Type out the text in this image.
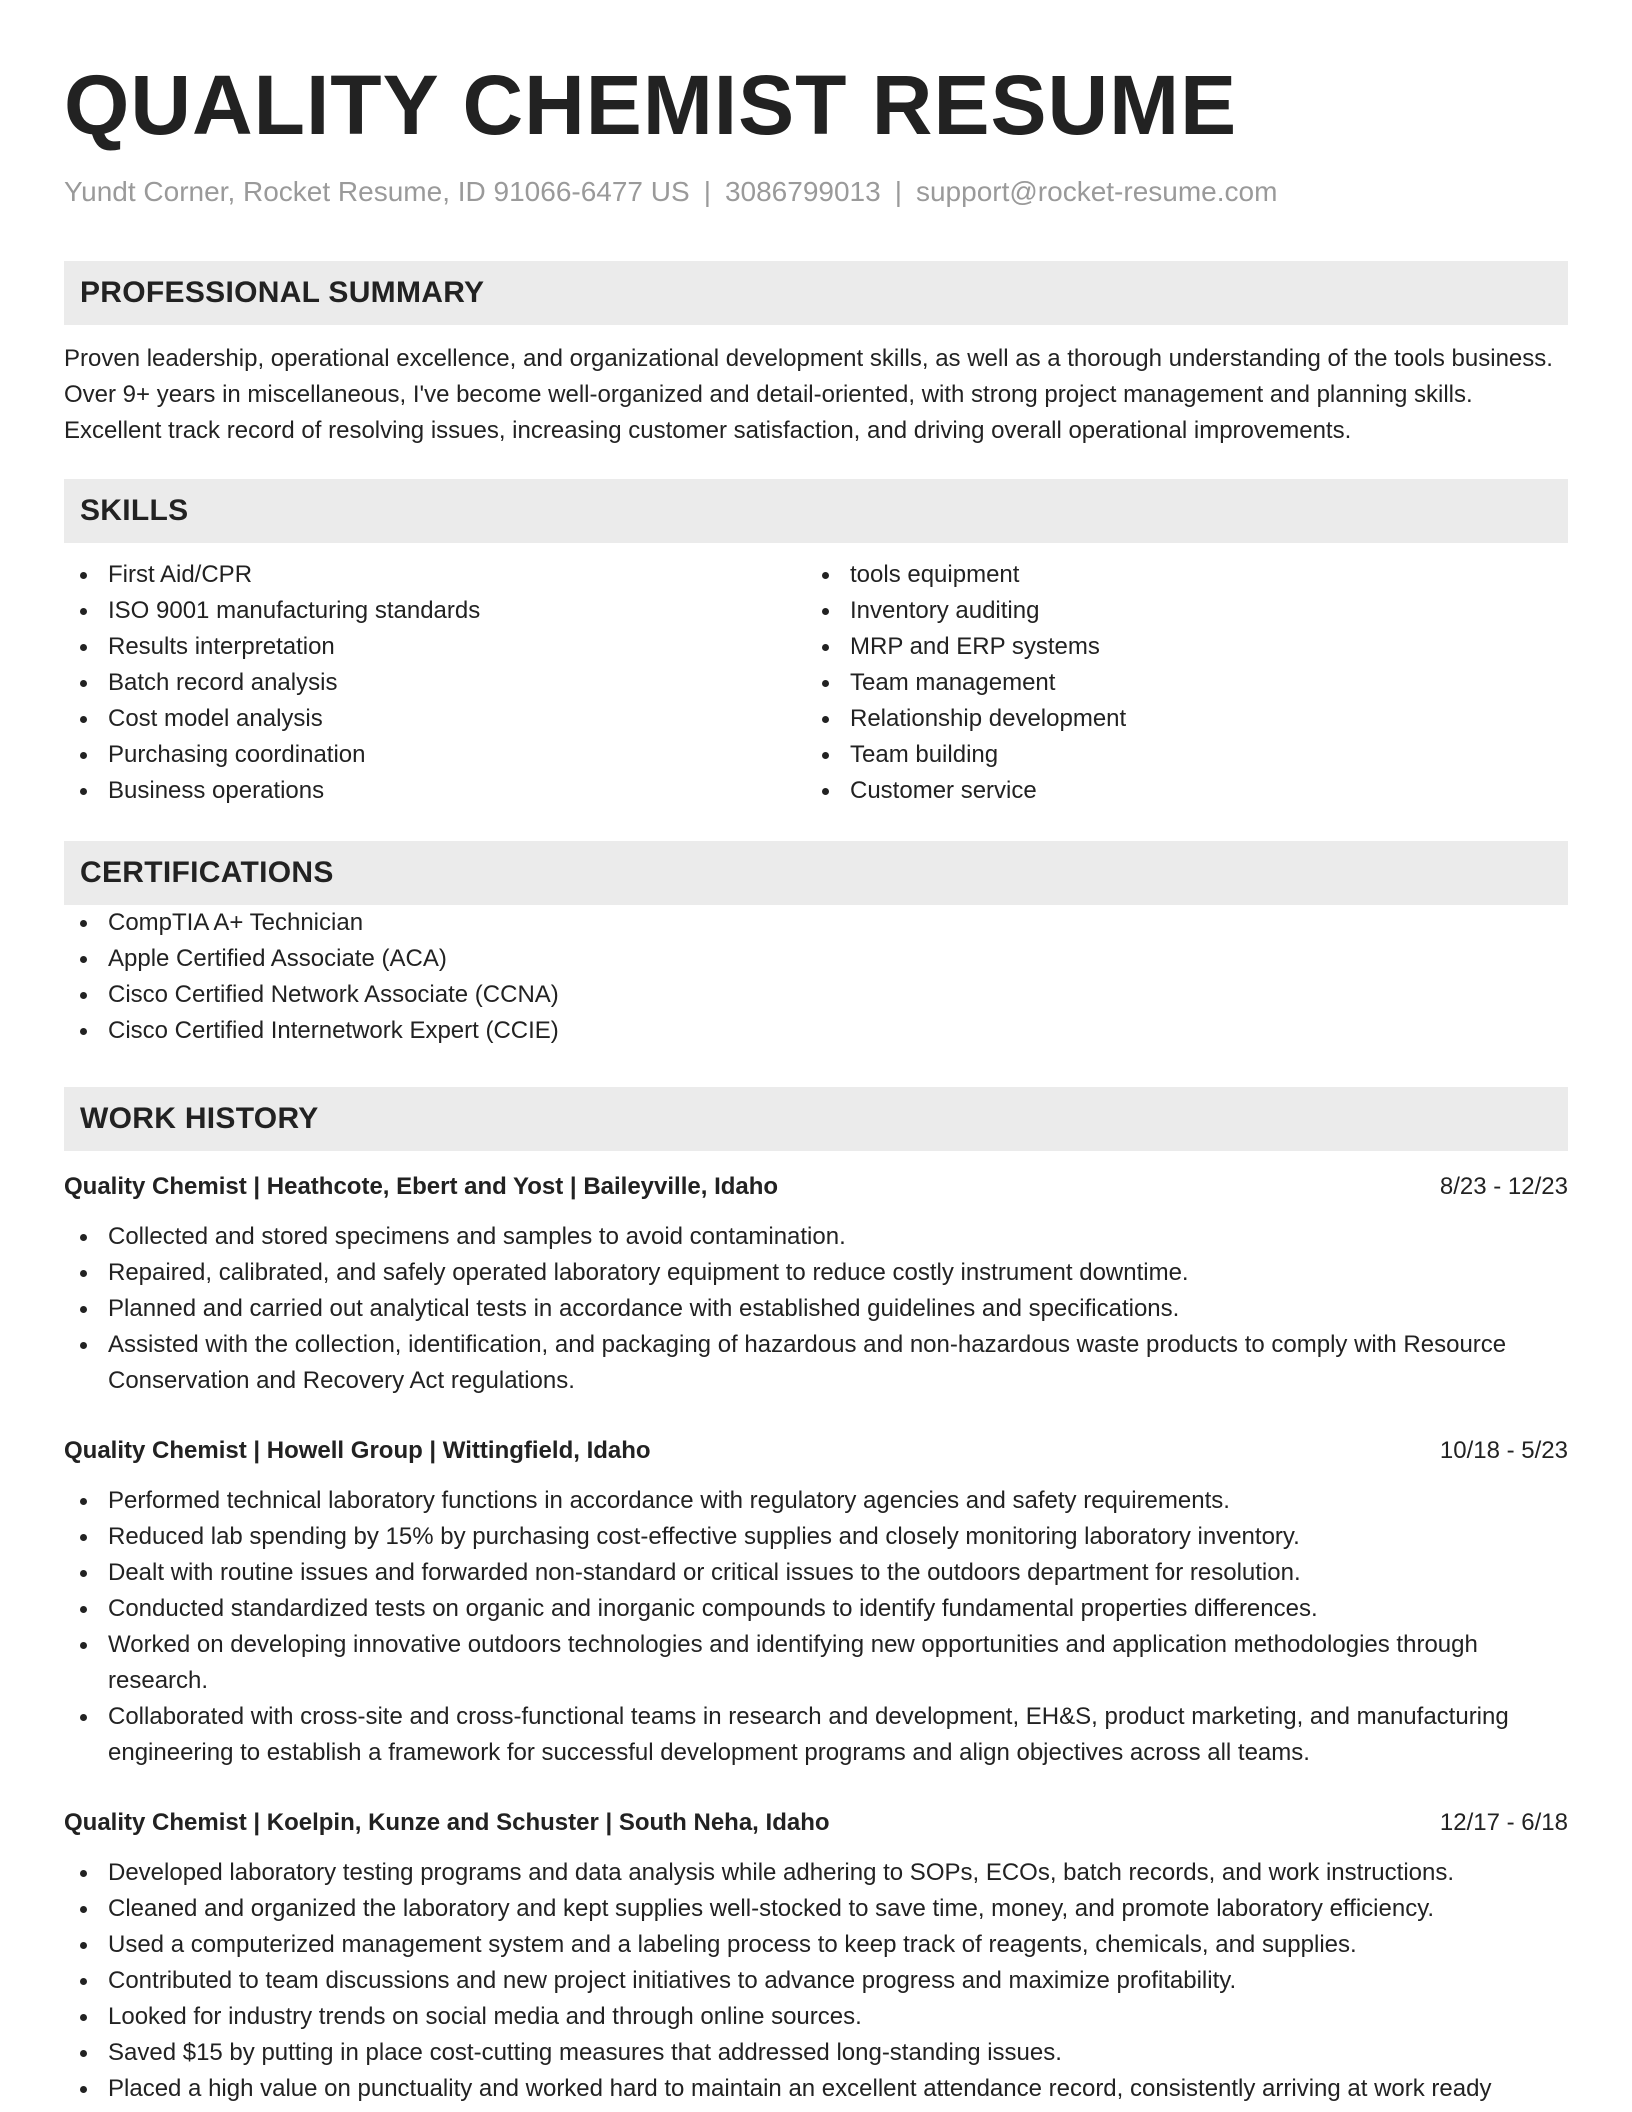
QUALITY CHEMIST RESUME
Yundt Corner, Rocket Resume, ID 91066-6477 US | 3086799013 | support@rocket-resume.com
PROFESSIONAL SUMMARY

Proven leadership, operational excellence, and organizational development skills, as well as a thorough understanding of the tools business. Over 9+ years in miscellaneous, I've become well-organized and detail-oriented, with strong project management and planning skills. Excellent track record of resolving issues, increasing customer satisfaction, and driving overall operational improvements.

SKILLS
First Aid/CPR
ISO 9001 manufacturing standards
Results interpretation
Batch record analysis
Cost model analysis
Purchasing coordination
Business operations
tools equipment
Inventory auditing
MRP and ERP systems
Team management
Relationship development
Team building
Customer service
CERTIFICATIONS
CompTIA A+ Technician
Apple Certified Associate (ACA)
Cisco Certified Network Associate (CCNA)
Cisco Certified Internetwork Expert (CCIE)
WORK HISTORY
Quality Chemist | Heathcote, Ebert and Yost | Baileyville, Idaho	8/23 - 12/23
Collected and stored specimens and samples to avoid contamination.
Repaired, calibrated, and safely operated laboratory equipment to reduce costly instrument downtime.
Planned and carried out analytical tests in accordance with established guidelines and specifications.
Assisted with the collection, identification, and packaging of hazardous and non-hazardous waste products to comply with Resource Conservation and Recovery Act regulations.
Quality Chemist | Howell Group | Wittingfield, Idaho	10/18 - 5/23
Performed technical laboratory functions in accordance with regulatory agencies and safety requirements.
Reduced lab spending by 15% by purchasing cost-effective supplies and closely monitoring laboratory inventory.
Dealt with routine issues and forwarded non-standard or critical issues to the outdoors department for resolution.
Conducted standardized tests on organic and inorganic compounds to identify fundamental properties differences.
Worked on developing innovative outdoors technologies and identifying new opportunities and application methodologies through research.
Collaborated with cross-site and cross-functional teams in research and development, EH&S, product marketing, and manufacturing engineering to establish a framework for successful development programs and align objectives across all teams.
Quality Chemist | Koelpin, Kunze and Schuster | South Neha, Idaho	12/17 - 6/18
Developed laboratory testing programs and data analysis while adhering to SOPs, ECOs, batch records, and work instructions.
Cleaned and organized the laboratory and kept supplies well-stocked to save time, money, and promote laboratory efficiency.
Used a computerized management system and a labeling process to keep track of reagents, chemicals, and supplies.
Contributed to team discussions and new project initiatives to advance progress and maximize profitability.
Looked for industry trends on social media and through online sources.
Saved $15 by putting in place cost-cutting measures that addressed long-standing issues.
Placed a high value on punctuality and worked hard to maintain an excellent attendance record, consistently arriving at work ready
